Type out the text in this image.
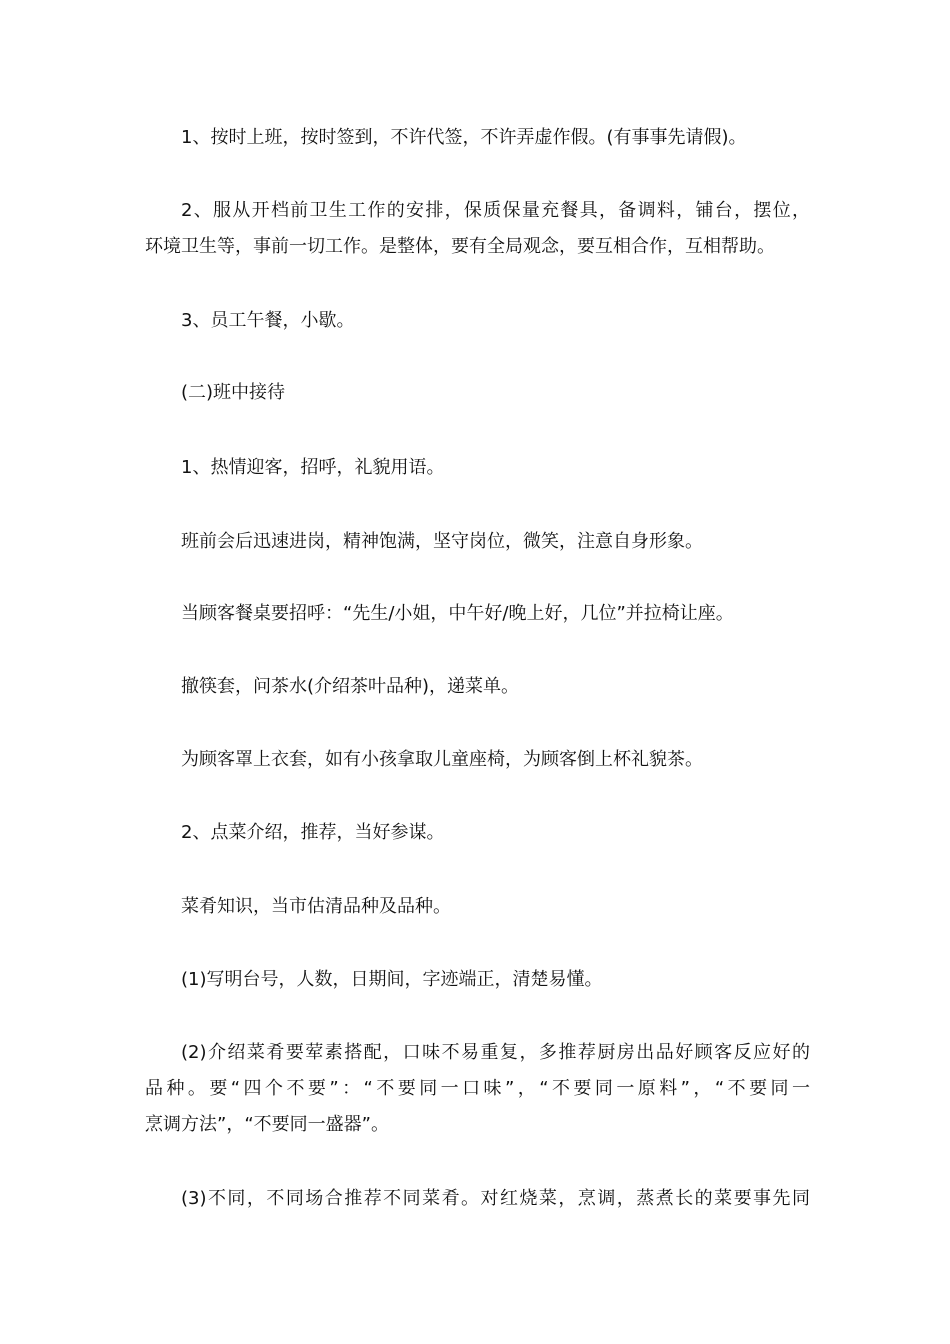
1、按时上班，按时签到，不许代签，不许弄虚作假。(有事事先请假)。
2、服从开档前卫生工作的安排，保质保量充餐具，备调料，铺台，摆位，
环境卫生等，事前一切工作。是整体，要有全局观念，要互相合作，互相帮助。
3、员工午餐，小歇。
(二)班中接待
1、热情迎客，招呼，礼貌用语。
班前会后迅速进岗，精神饱满，坚守岗位，微笑，注意自身形象。
当顾客餐桌要招呼：“先生/小姐，中午好/晚上好，几位”并拉椅让座。
撤筷套，问茶水(介绍茶叶品种)，递菜单。
为顾客罩上衣套，如有小孩拿取儿童座椅，为顾客倒上杯礼貌茶。
2、点菜介绍，推荐，当好参谋。
菜肴知识，当市估清品种及品种。
(1)写明台号，人数，日期间，字迹端正，清楚易懂。
(2)介绍菜肴要荤素搭配，口味不易重复，多推荐厨房出品好顾客反应好的
品种。要“四个不要”：“不要同一口味”，“不要同一原料”，“不要同一
烹调方法”，“不要同一盛器”。
(3)不同，不同场合推荐不同菜肴。对红烧菜，烹调，蒸煮长的菜要事先同
